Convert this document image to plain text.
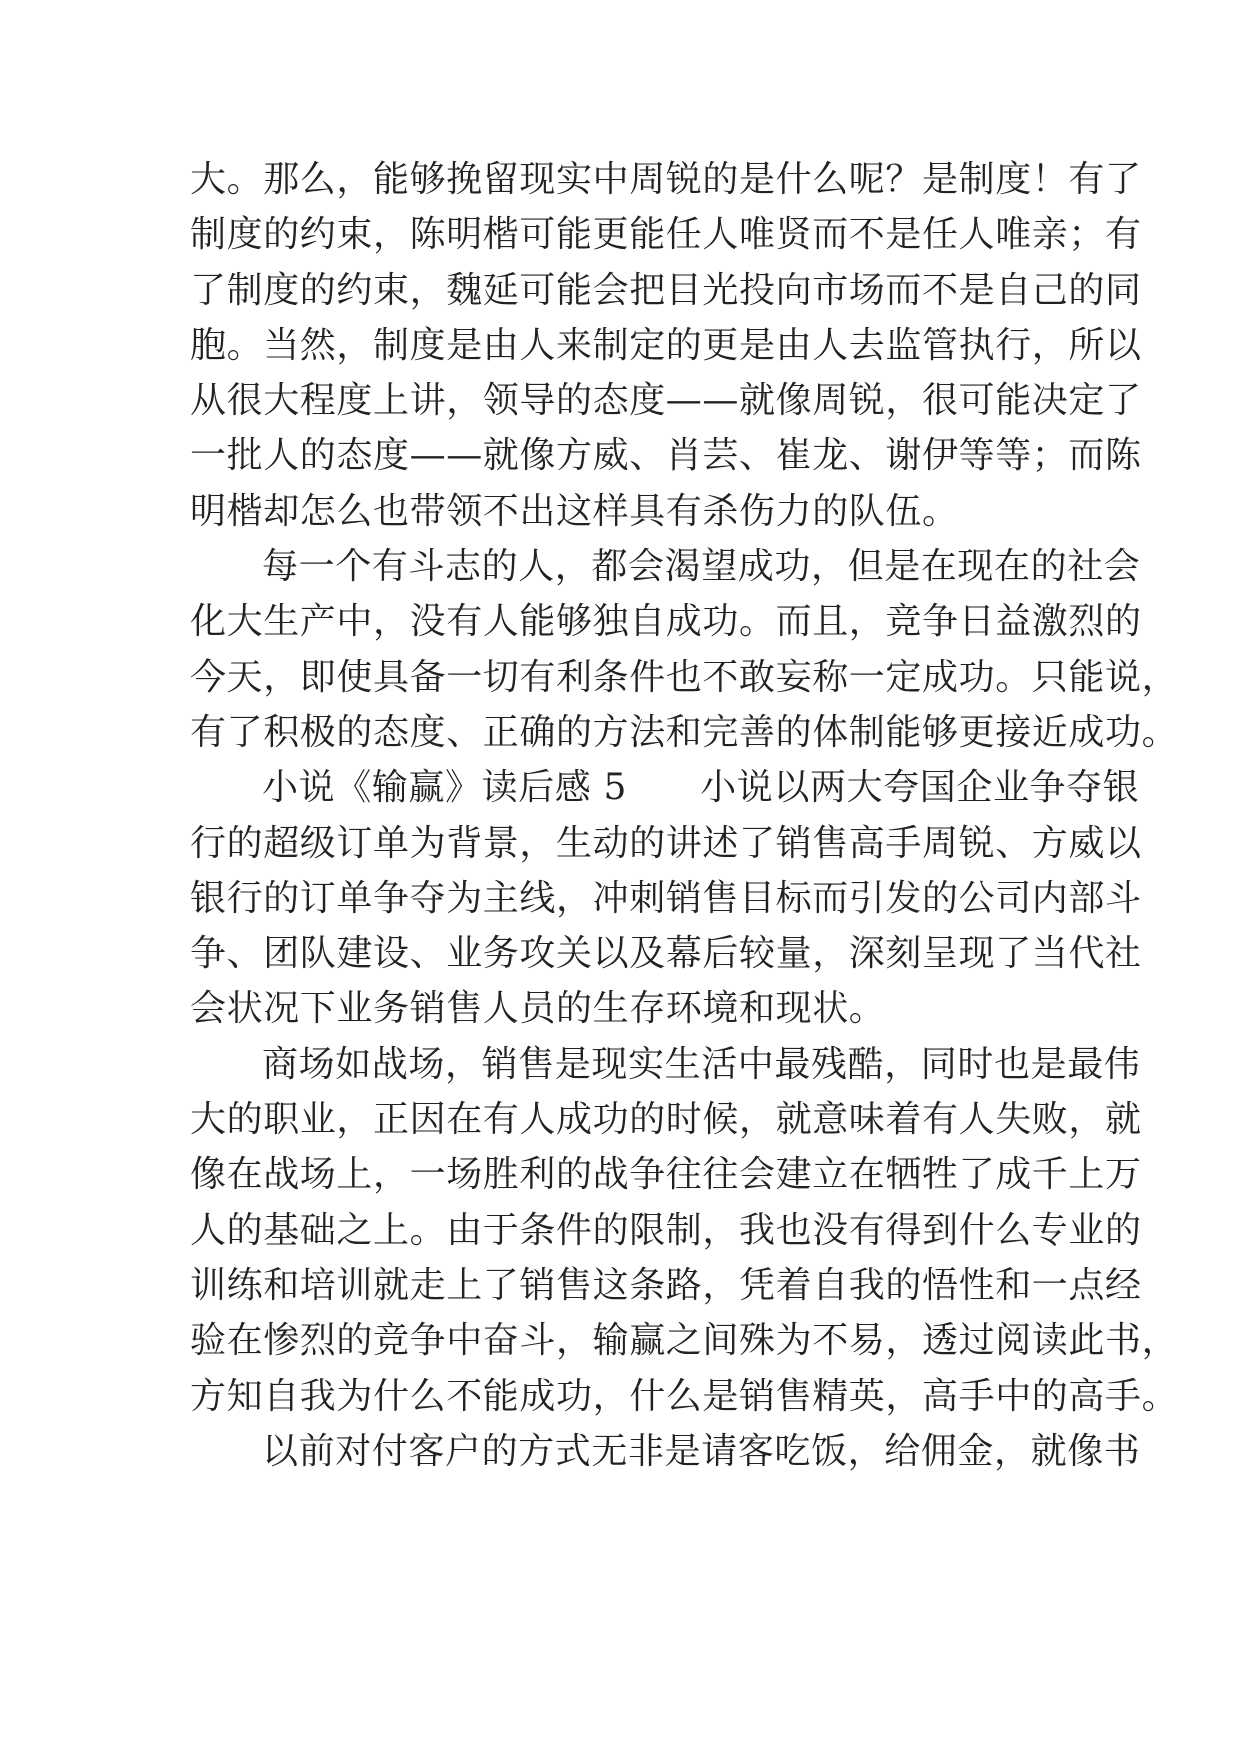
大。那么，能够挽留现实中周锐的是什么呢？是制度！有了
制度的约束，陈明楷可能更能任人唯贤而不是任人唯亲；有
了制度的约束，魏延可能会把目光投向市场而不是自己的同
胞。当然，制度是由人来制定的更是由人去监管执行，所以
从很大程度上讲，领导的态度——就像周锐，很可能决定了
一批人的态度——就像方威、肖芸、崔龙、谢伊等等；而陈
明楷却怎么也带领不出这样具有杀伤力的队伍。
每一个有斗志的人，都会渴望成功，但是在现在的社会
化大生产中，没有人能够独自成功。而且，竞争日益激烈的
今天，即使具备一切有利条件也不敢妄称一定成功。只能说，
有了积极的态度、正确的方法和完善的体制能够更接近成功。
小说《输赢》读后感 5　　小说以两大夸国企业争夺银
行的超级订单为背景，生动的讲述了销售高手周锐、方威以
银行的订单争夺为主线，冲刺销售目标而引发的公司内部斗
争、团队建设、业务攻关以及幕后较量，深刻呈现了当代社
会状况下业务销售人员的生存环境和现状。
商场如战场，销售是现实生活中最残酷，同时也是最伟
大的职业，正因在有人成功的时候，就意味着有人失败，就
像在战场上，一场胜利的战争往往会建立在牺牲了成千上万
人的基础之上。由于条件的限制，我也没有得到什么专业的
训练和培训就走上了销售这条路，凭着自我的悟性和一点经
验在惨烈的竞争中奋斗，输赢之间殊为不易，透过阅读此书，
方知自我为什么不能成功，什么是销售精英，高手中的高手。
以前对付客户的方式无非是请客吃饭，给佣金，就像书
